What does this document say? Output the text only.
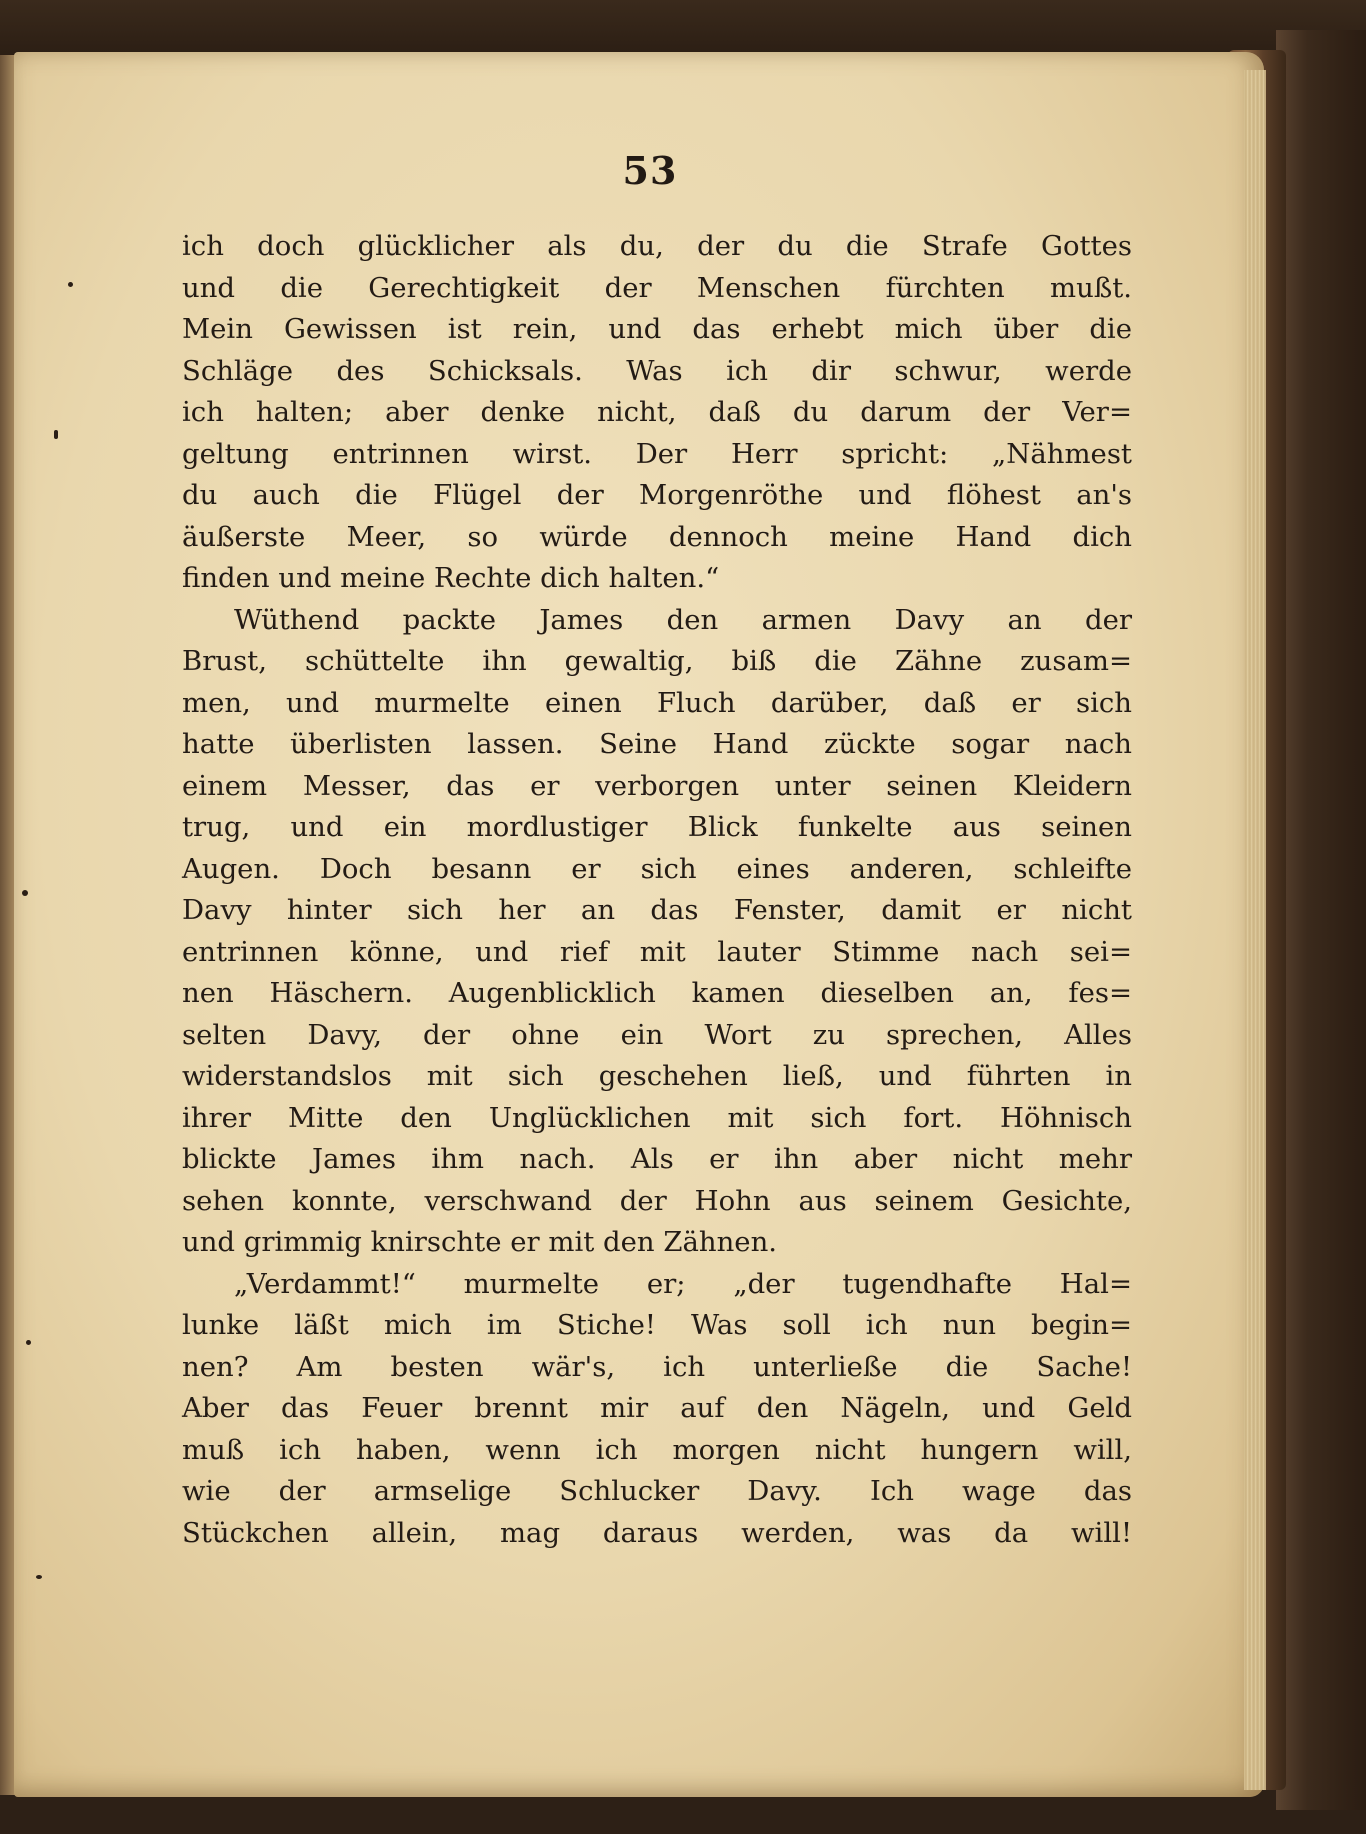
53
ich doch glücklicher als du, der du die Strafe Gottes
und die Gerechtigkeit der Menschen fürchten mußt.
Mein Gewissen ist rein, und das erhebt mich über die
Schläge des Schicksals. Was ich dir schwur, werde
ich halten; aber denke nicht, daß du darum der Ver=
geltung entrinnen wirst. Der Herr spricht: „Nähmest
du auch die Flügel der Morgenröthe und flöhest an's
äußerste Meer, so würde dennoch meine Hand dich
finden und meine Rechte dich halten.“
Wüthend packte James den armen Davy an der
Brust, schüttelte ihn gewaltig, biß die Zähne zusam=
men, und murmelte einen Fluch darüber, daß er sich
hatte überlisten lassen. Seine Hand zückte sogar nach
einem Messer, das er verborgen unter seinen Kleidern
trug, und ein mordlustiger Blick funkelte aus seinen
Augen. Doch besann er sich eines anderen, schleifte
Davy hinter sich her an das Fenster, damit er nicht
entrinnen könne, und rief mit lauter Stimme nach sei=
nen Häschern. Augenblicklich kamen dieselben an, fes=
selten Davy, der ohne ein Wort zu sprechen, Alles
widerstandslos mit sich geschehen ließ, und führten in
ihrer Mitte den Unglücklichen mit sich fort. Höhnisch
blickte James ihm nach. Als er ihn aber nicht mehr
sehen konnte, verschwand der Hohn aus seinem Gesichte,
und grimmig knirschte er mit den Zähnen.
„Verdammt!“ murmelte er; „der tugendhafte Hal=
lunke läßt mich im Stiche! Was soll ich nun begin=
nen? Am besten wär's, ich unterließe die Sache!
Aber das Feuer brennt mir auf den Nägeln, und Geld
muß ich haben, wenn ich morgen nicht hungern will,
wie der armselige Schlucker Davy. Ich wage das
Stückchen allein, mag daraus werden, was da will!
